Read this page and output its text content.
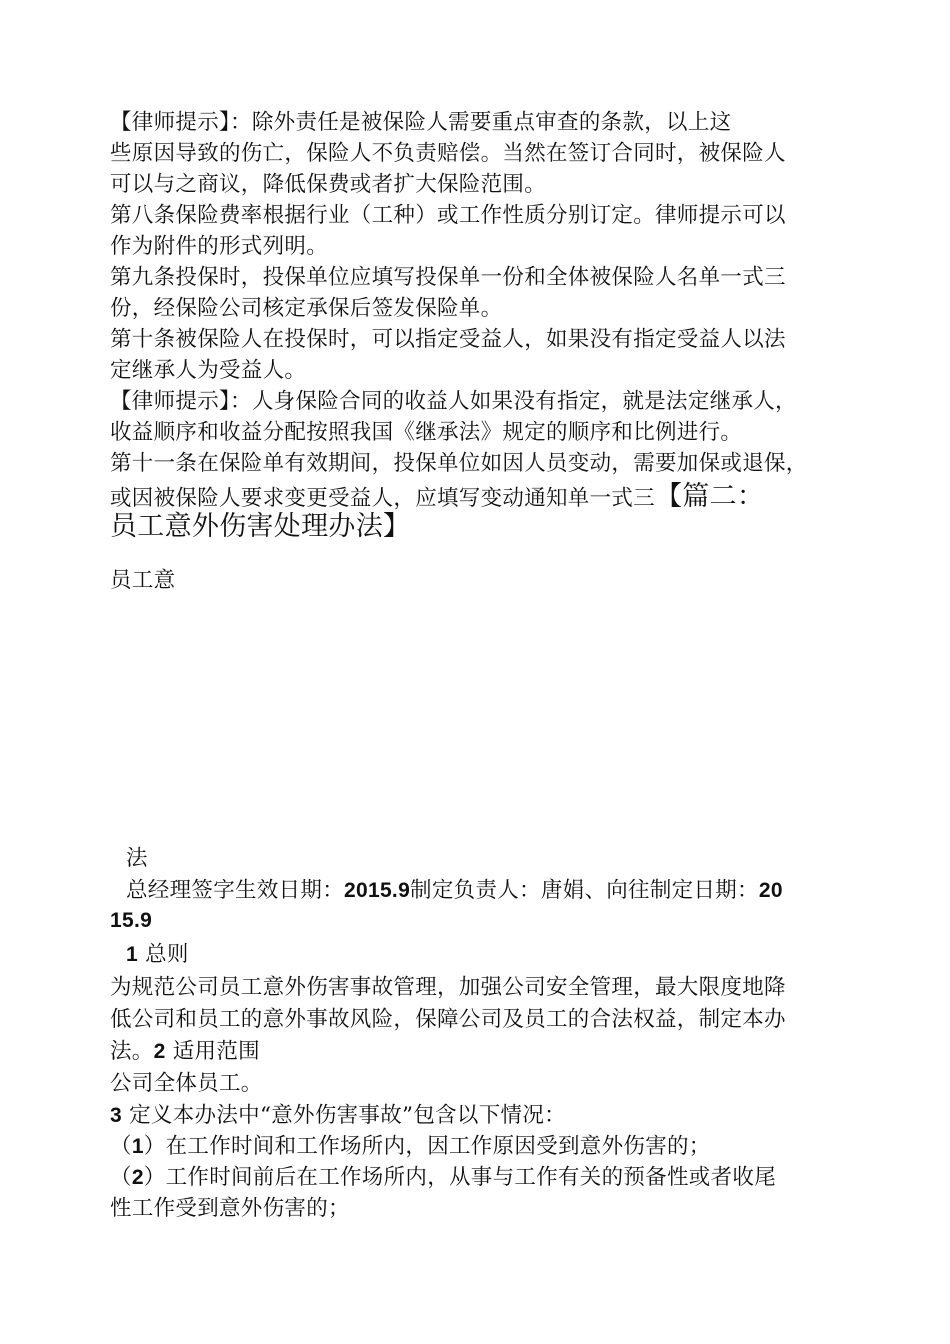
【律师提示】：除外责任是被保险人需要重点审查的条款，以上这
些原因导致的伤亡，保险人不负责赔偿。当然在签订合同时，被保险人
可以与之商议，降低保费或者扩大保险范围。
第八条保险费率根据行业（工种）或工作性质分别订定。律师提示可以
作为附件的形式列明。
第九条投保时，投保单位应填写投保单一份和全体被保险人名单一式三
份，经保险公司核定承保后签发保险单。
第十条被保险人在投保时，可以指定受益人，如果没有指定受益人以法
定继承人为受益人。
【律师提示】：人身保险合同的收益人如果没有指定，就是法定继承人，
收益顺序和收益分配按照我国《继承法》规定的顺序和比例进行。
第十一条在保险单有效期间，投保单位如因人员变动，需要加保或退保，
或因被保险人要求变更受益人，应填写变动通知单一式三【篇二：
员工意外伤害处理办法】
员工意
法
总经理签字生效日期：2015.9制定负责人：唐娟、向往制定日期：20
15.9
1 总则
为规范公司员工意外伤害事故管理，加强公司安全管理，最大限度地降
低公司和员工的意外事故风险，保障公司及员工的合法权益，制定本办
法。2 适用范围
公司全体员工。
3 定义本办法中“意外伤害事故”包含以下情况：
（1）在工作时间和工作场所内，因工作原因受到意外伤害的；
（2）工作时间前后在工作场所内，从事与工作有关的预备性或者收尾
性工作受到意外伤害的；
